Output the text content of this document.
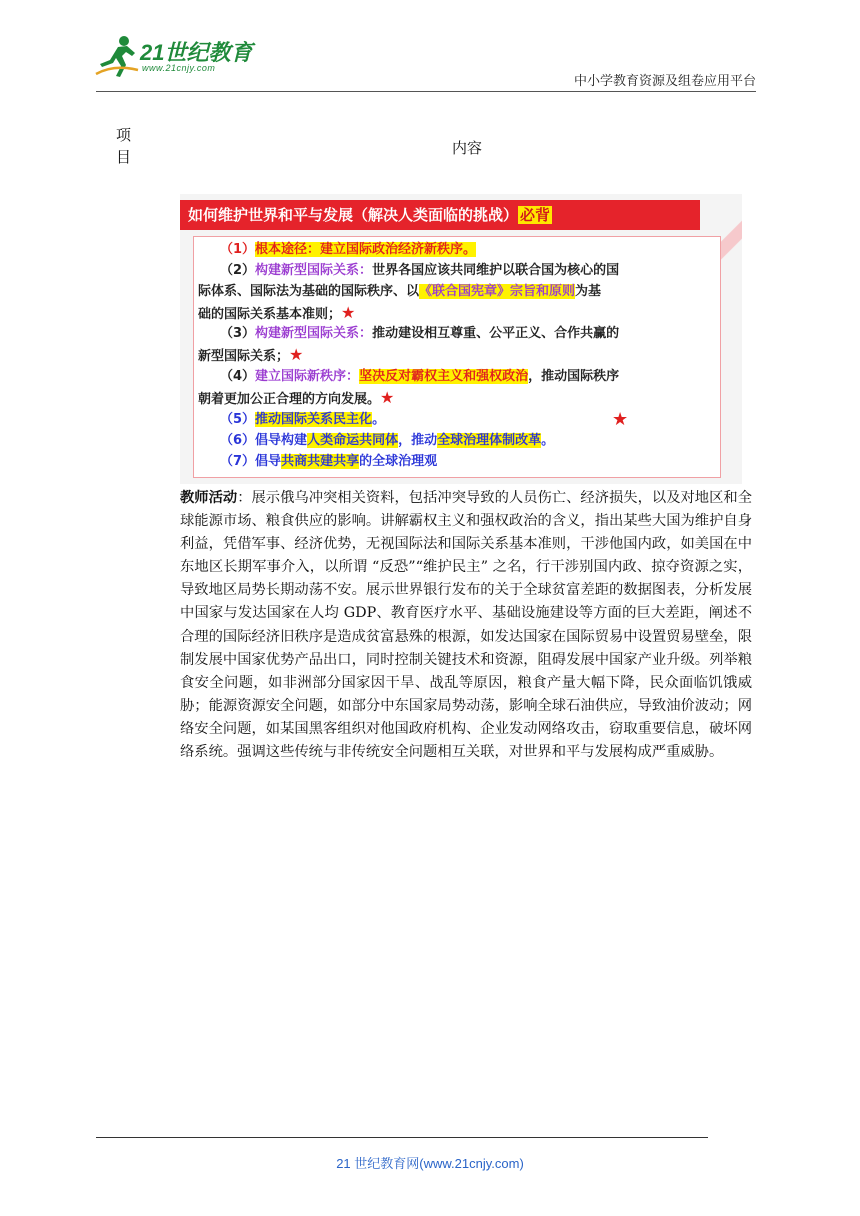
21世纪教育
www.21cnjy.com
中小学教育资源及组卷应用平台
项目	内容
如何维护世界和平与发展（解决人类面临的挑战） 必背
（1）根本途径：建立国际政治经济新秩序。
（2）构建新型国际关系：世界各国应该共同维护以联合国为核心的国
际体系、国际法为基础的国际秩序、以《联合国宪章》宗旨和原则为基
础的国际关系基本准则；★
（3）构建新型国际关系：推动建设相互尊重、公平正义、合作共赢的
新型国际关系；★
（4）建立国际新秩序：坚决反对霸权主义和强权政治，推动国际秩序
朝着更加公正合理的方向发展。★
（5）推动国际关系民主化。	★
（6）倡导构建人类命运共同体，推动全球治理体制改革。
（7）倡导共商共建共享的全球治理观
教师活动：展示俄乌冲突相关资料，包括冲突导致的人员伤亡、经济损失，以及对地区和全球能源市场、粮食供应的影响。讲解霸权主义和强权政治的含义，指出某些大国为维护自身利益，凭借军事、经济优势，无视国际法和国际关系基本准则，干涉他国内政，如美国在中东地区长期军事介入，以所谓 “反恐”“维护民主” 之名，行干涉别国内政、掠夺资源之实，导致地区局势长期动荡不安。展示世界银行发布的关于全球贫富差距的数据图表，分析发展中国家与发达国家在人均 GDP、教育医疗水平、基础设施建设等方面的巨大差距，阐述不合理的国际经济旧秩序是造成贫富悬殊的根源，如发达国家在国际贸易中设置贸易壁垒，限制发展中国家优势产品出口，同时控制关键技术和资源，阻碍发展中国家产业升级。列举粮食安全问题，如非洲部分国家因干旱、战乱等原因，粮食产量大幅下降，民众面临饥饿威胁；能源资源安全问题，如部分中东国家局势动荡，影响全球石油供应，导致油价波动；网络安全问题，如某国黑客组织对他国政府机构、企业发动网络攻击，窃取重要信息，破坏网络系统。强调这些传统与非传统安全问题相互关联，对世界和平与发展构成严重威胁。
21 世纪教育网(www.21cnjy.com)
